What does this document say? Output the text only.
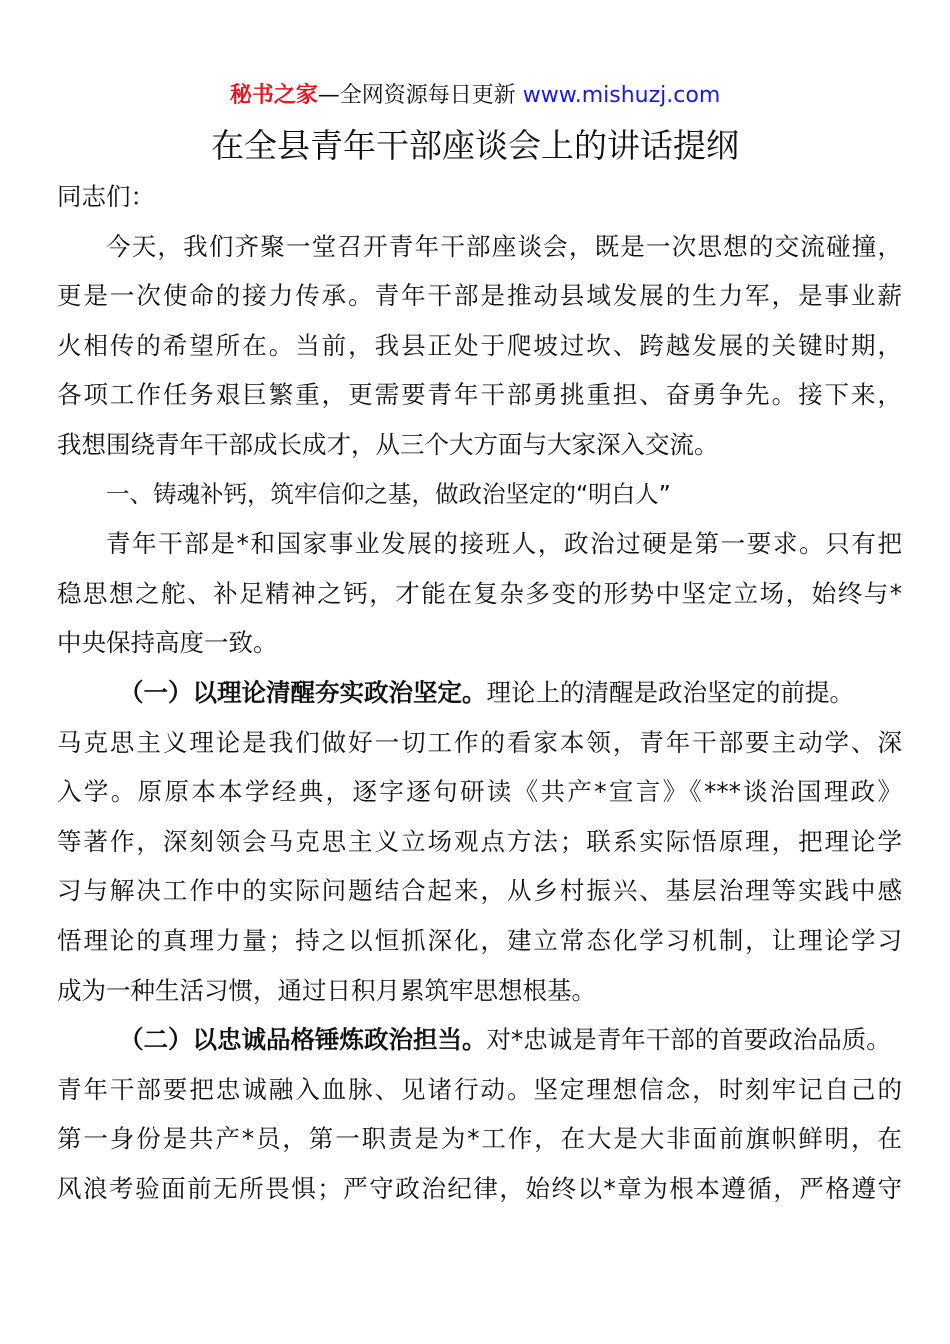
秘书之家—全网资源每日更新 www.mishuzj.com
在全县青年干部座谈会上的讲话提纲
同志们：
今天，我们齐聚一堂召开青年干部座谈会，既是一次思想的交流碰撞，
更是一次使命的接力传承。青年干部是推动县域发展的生力军，是事业薪
火相传的希望所在。当前，我县正处于爬坡过坎、跨越发展的关键时期，
各项工作任务艰巨繁重，更需要青年干部勇挑重担、奋勇争先。接下来，
我想围绕青年干部成长成才，从三个大方面与大家深入交流。
一、铸魂补钙，筑牢信仰之基，做政治坚定的“明白人”
青年干部是*和国家事业发展的接班人，政治过硬是第一要求。只有把
稳思想之舵、补足精神之钙，才能在复杂多变的形势中坚定立场，始终与*
中央保持高度一致。
（一）以理论清醒夯实政治坚定。理论上的清醒是政治坚定的前提。
马克思主义理论是我们做好一切工作的看家本领，青年干部要主动学、深
入学。原原本本学经典，逐字逐句研读《共产*宣言》《***谈治国理政》
等著作，深刻领会马克思主义立场观点方法；联系实际悟原理，把理论学
习与解决工作中的实际问题结合起来，从乡村振兴、基层治理等实践中感
悟理论的真理力量；持之以恒抓深化，建立常态化学习机制，让理论学习
成为一种生活习惯，通过日积月累筑牢思想根基。
（二）以忠诚品格锤炼政治担当。对*忠诚是青年干部的首要政治品质。
青年干部要把忠诚融入血脉、见诸行动。坚定理想信念，时刻牢记自己的
第一身份是共产*员，第一职责是为*工作，在大是大非面前旗帜鲜明，在
风浪考验面前无所畏惧；严守政治纪律，始终以*章为根本遵循，严格遵守
